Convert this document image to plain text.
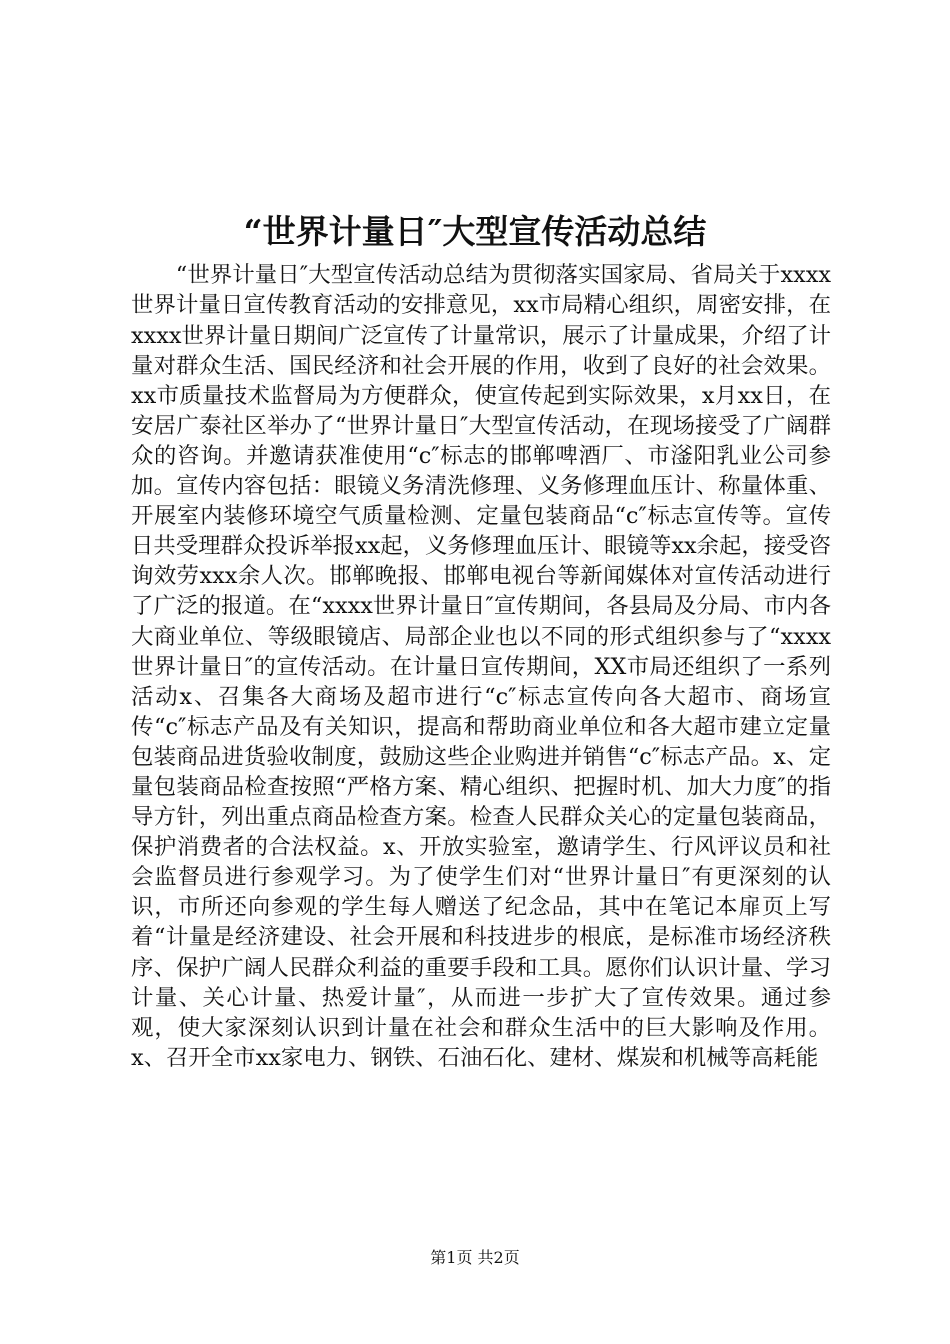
“世界计量日″大型宣传活动总结

“世界计量日″大型宣传活动总结为贯彻落实国家局、省局关于xxxx世界计量日宣传教育活动的安排意见，xx市局精心组织，周密安排，在xxxx世界计量日期间广泛宣传了计量常识，展示了计量成果，介绍了计量对群众生活、国民经济和社会开展的作用，收到了良好的社会效果。xx市质量技术监督局为方便群众，使宣传起到实际效果，x月xx日，在安居广泰社区举办了“世界计量日″大型宣传活动，在现场接受了广阔群众的咨询。并邀请获准使用“c″标志的邯郸啤酒厂、市滏阳乳业公司参加。宣传内容包括：眼镜义务清洗修理、义务修理血压计、称量体重、开展室内装修环境空气质量检测、定量包装商品“c″标志宣传等。宣传日共受理群众投诉举报xx起，义务修理血压计、眼镜等xx余起，接受咨询效劳xxx余人次。邯郸晚报、邯郸电视台等新闻媒体对宣传活动进行了广泛的报道。在“xxxx世界计量日″宣传期间，各县局及分局、市内各大商业单位、等级眼镜店、局部企业也以不同的形式组织参与了“xxxx世界计量日″的宣传活动。在计量日宣传期间，XX市局还组织了一系列活动x、召集各大商场及超市进行“c″标志宣传向各大超市、商场宣传“c″标志产品及有关知识，提高和帮助商业单位和各大超市建立定量包装商品进货验收制度，鼓励这些企业购进并销售“c″标志产品。x、定量包装商品检查按照“严格方案、精心组织、把握时机、加大力度″的指导方针，列出重点商品检查方案。检查人民群众关心的定量包装商品，保护消费者的合法权益。x、开放实验室，邀请学生、行风评议员和社会监督员进行参观学习。为了使学生们对“世界计量日″有更深刻的认识，市所还向参观的学生每人赠送了纪念品，其中在笔记本扉页上写着“计量是经济建设、社会开展和科技进步的根底，是标准市场经济秩序、保护广阔人民群众利益的重要手段和工具。愿你们认识计量、学习计量、关心计量、热爱计量″，从而进一步扩大了宣传效果。通过参观，使大家深刻认识到计量在社会和群众生活中的巨大影响及作用。x、召开全市xx家电力、钢铁、石油石化、建材、煤炭和机械等高耗能

第1页 共2页
